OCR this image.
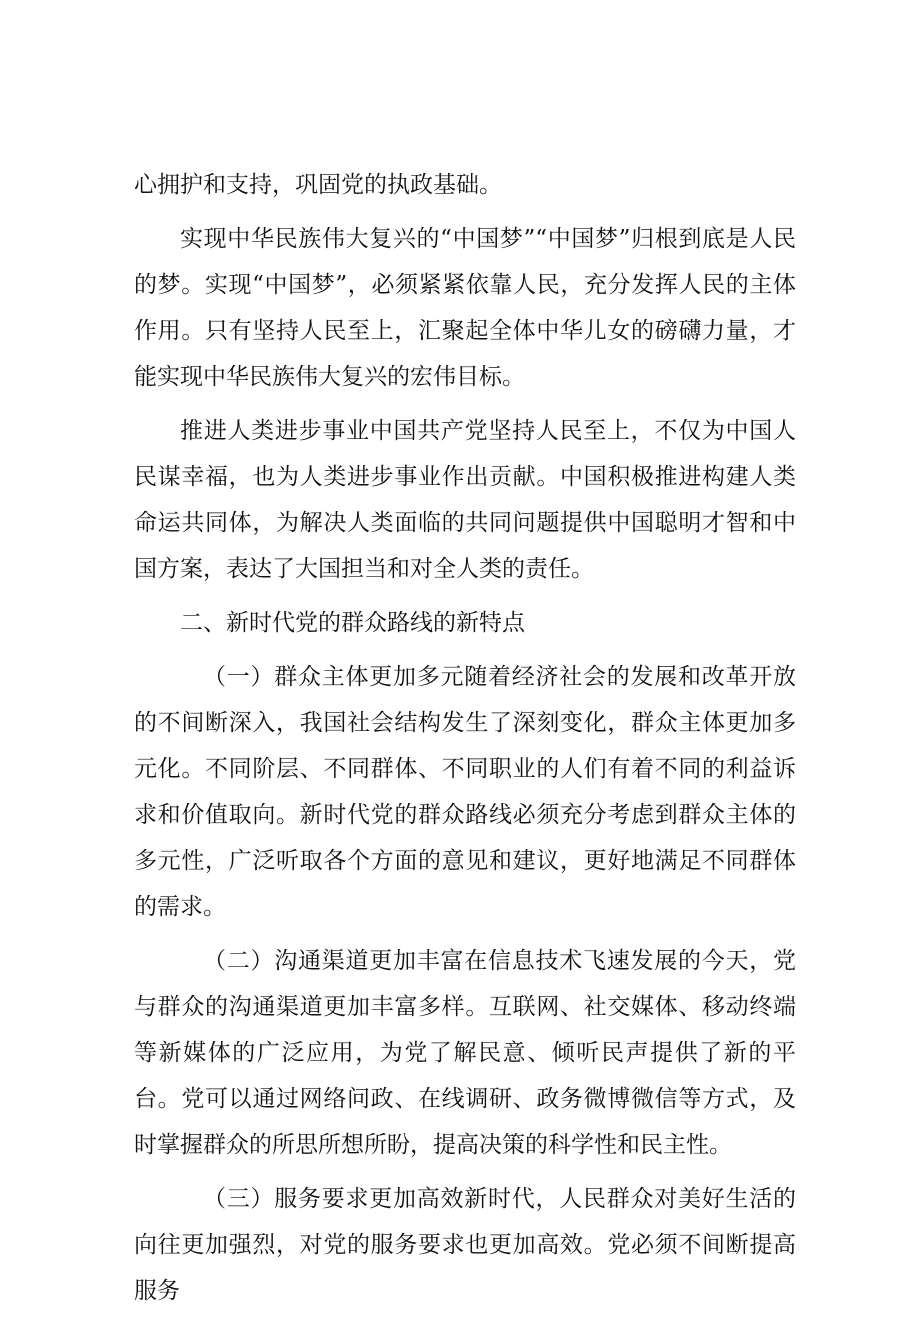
心拥护和支持，巩固党的执政基础。

实现中华民族伟大复兴的“中国梦”“中国梦”归根到底是人民的梦。实现“中国梦”，必须紧紧依靠人民，充分发挥人民的主体作用。只有坚持人民至上，汇聚起全体中华儿女的磅礴力量，才能实现中华民族伟大复兴的宏伟目标。

推进人类进步事业中国共产党坚持人民至上，不仅为中国人民谋幸福，也为人类进步事业作出贡献。中国积极推进构建人类命运共同体，为解决人类面临的共同问题提供中国聪明才智和中国方案，表达了大国担当和对全人类的责任。

二、新时代党的群众路线的新特点

（一）群众主体更加多元随着经济社会的发展和改革开放的不间断深入，我国社会结构发生了深刻变化，群众主体更加多元化。不同阶层、不同群体、不同职业的人们有着不同的利益诉求和价值取向。新时代党的群众路线必须充分考虑到群众主体的多元性，广泛听取各个方面的意见和建议，更好地满足不同群体的需求。

（二）沟通渠道更加丰富在信息技术飞速发展的今天，党与群众的沟通渠道更加丰富多样。互联网、社交媒体、移动终端等新媒体的广泛应用，为党了解民意、倾听民声提供了新的平台。党可以通过网络问政、在线调研、政务微博微信等方式，及时掌握群众的所思所想所盼，提高决策的科学性和民主性。

（三）服务要求更加高效新时代，人民群众对美好生活的向往更加强烈，对党的服务要求也更加高效。党必须不间断提高服务
